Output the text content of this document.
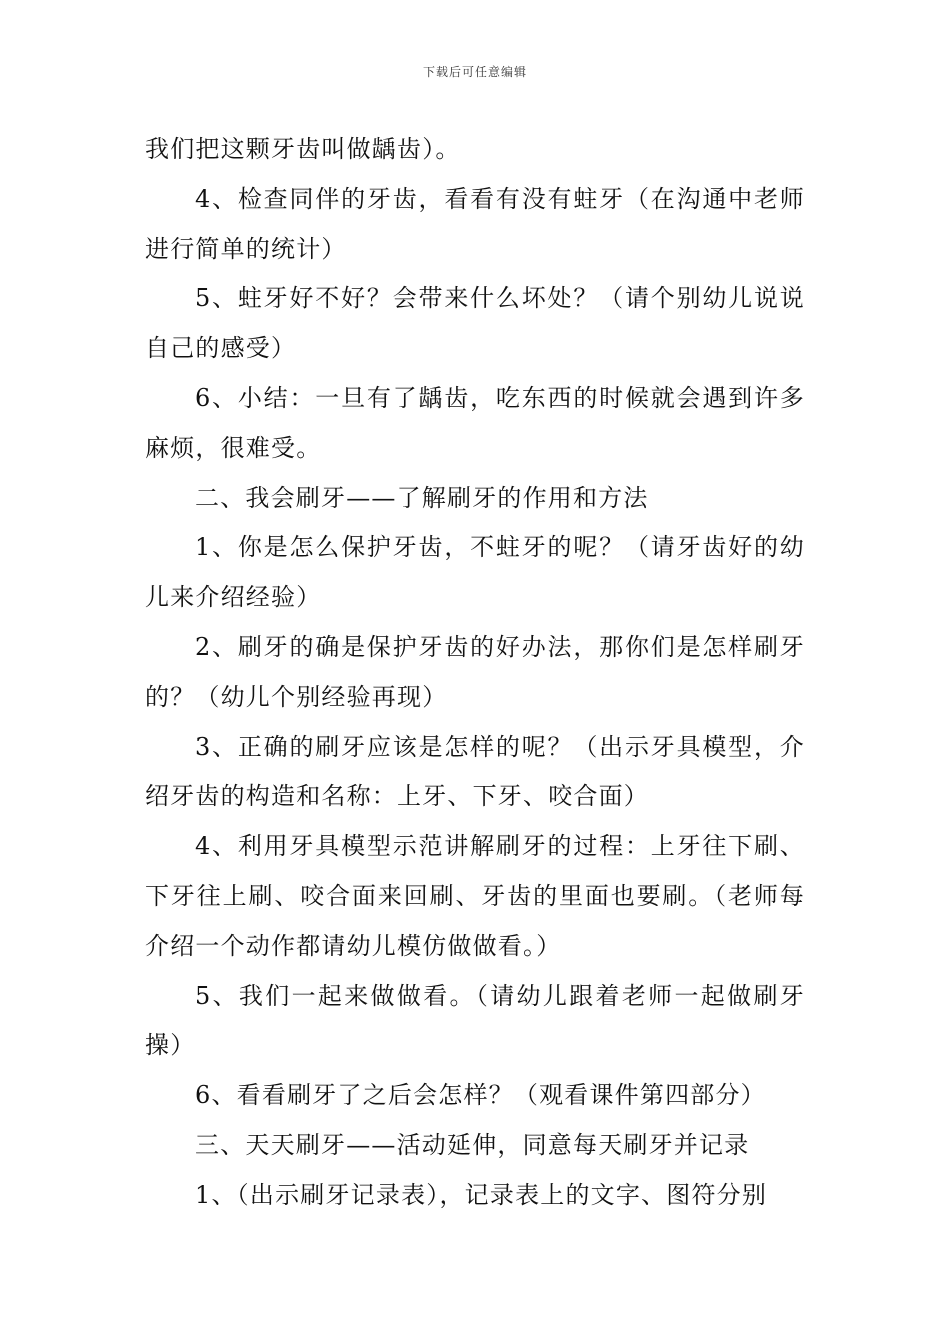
下载后可任意编辑

我们把这颗牙齿叫做龋齿）。

4、检查同伴的牙齿，看看有没有蛀牙（在沟通中老师进行简单的统计）

5、蛀牙好不好？会带来什么坏处？（请个别幼儿说说自己的感受）

6、小结：一旦有了龋齿，吃东西的时候就会遇到许多麻烦，很难受。

二、我会刷牙——了解刷牙的作用和方法

1、你是怎么保护牙齿，不蛀牙的呢？（请牙齿好的幼儿来介绍经验）

2、刷牙的确是保护牙齿的好办法，那你们是怎样刷牙的？（幼儿个别经验再现）

3、正确的刷牙应该是怎样的呢？（出示牙具模型，介绍牙齿的构造和名称：上牙、下牙、咬合面）

4、利用牙具模型示范讲解刷牙的过程：上牙往下刷、下牙往上刷、咬合面来回刷、牙齿的里面也要刷。（老师每介绍一个动作都请幼儿模仿做做看。）

5、我们一起来做做看。（请幼儿跟着老师一起做刷牙操）

6、看看刷牙了之后会怎样？（观看课件第四部分）

三、天天刷牙——活动延伸，同意每天刷牙并记录

1、（出示刷牙记录表），记录表上的文字、图符分别
